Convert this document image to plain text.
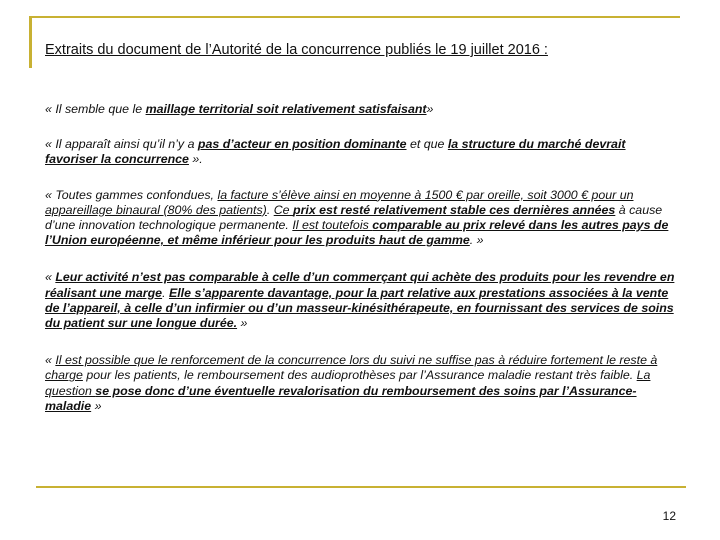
Extraits du document de l’Autorité de la concurrence publiés le 19 juillet 2016 :

« Il semble que le maillage territorial soit relativement satisfaisant»

« Il apparaît ainsi qu’il n’y a pas d’acteur en position dominante et que la structure du marché devrait favoriser la concurrence ».

« Toutes gammes confondues, la facture s’élève ainsi en moyenne à 1500 € par oreille, soit 3000 € pour un appareillage binaural (80% des patients). Ce prix est resté relativement stable ces dernières années à cause d’une innovation technologique permanente. Il est toutefois comparable au prix relevé dans les autres pays de l’Union européenne, et même inférieur pour les produits haut de gamme. »

« Leur activité n’est pas comparable à celle d’un commerçant qui achète des produits pour les revendre en réalisant une marge. Elle s’apparente davantage, pour la part relative aux prestations associées à la vente de l’appareil, à celle d’un infirmier ou d’un masseur-kinésithérapeute, en fournissant des services de soins du patient sur une longue durée. »

« Il est possible que le renforcement de la concurrence lors du suivi ne suffise pas à réduire fortement le reste à charge pour les patients, le remboursement des audioprothèses par l’Assurance maladie restant très faible. La question se pose donc d’une éventuelle revalorisation du remboursement des soins par l’Assurance-maladie »

12
